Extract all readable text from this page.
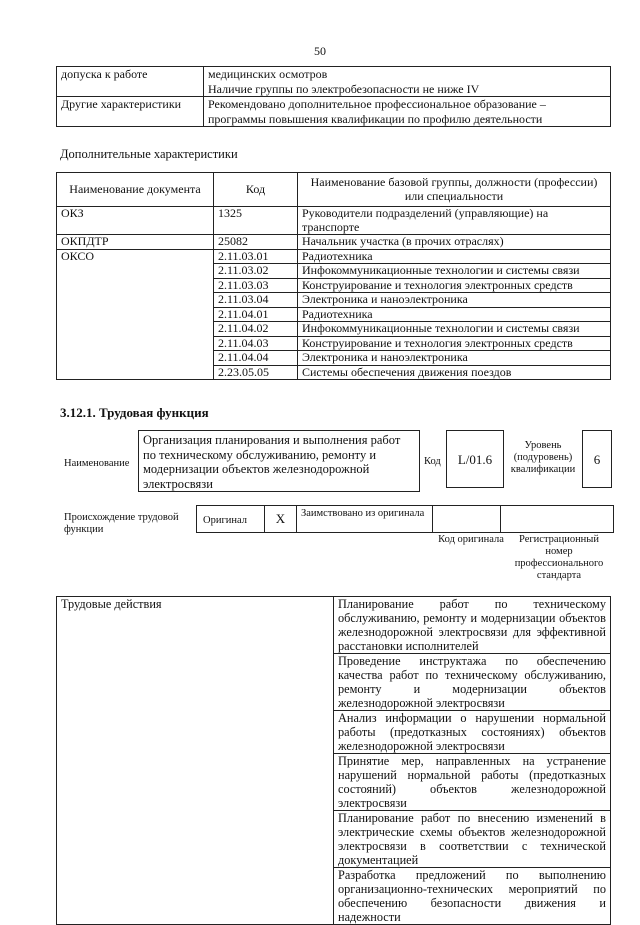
50
допуска к работе	медицинских осмотров
Наличие группы по электробезопасности не ниже IV

Другие характеристики	Рекомендовано дополнительное профессиональное образование –
программы повышения квалификации по профилю деятельности
Дополнительные характеристики
Наименование документа	Код	Наименование базовой группы, должности (профессии) или специальности
ОКЗ	1325	Руководители подразделений (управляющие) на транспорте
ОКПДТР	25082	Начальник участка (в прочих отраслях)
ОКСО	2.11.03.01	Радиотехника
	2.11.03.02	Инфокоммуникационные технологии и системы связи
	2.11.03.03	Конструирование и технология электронных средств
	2.11.03.04	Электроника и наноэлектроника
	2.11.04.01	Радиотехника
	2.11.04.02	Инфокоммуникационные технологии и системы связи
	2.11.04.03	Конструирование и технология электронных средств
	2.11.04.04	Электроника и наноэлектроника
	2.23.05.05	Системы обеспечения движения поездов
3.12.1. Трудовая функция
Наименование
Организация планирования и выполнения работ по техническому обслуживанию, ремонту и модернизации объектов железнодорожной электросвязи
Код	L/01.6
Уровень (подуровень) квалификации
6
Происхождение трудовой функции
Оригинал	X	Заимствовано из оригинала
Код оригинала	Регистрационный номер профессионального стандарта
Трудовые действия	Планирование работ по техническому обслуживанию, ремонту и модернизации объектов железнодорожной электросвязи для эффективной расстановки исполнителей
Проведение инструктажа по обеспечению качества работ по техническому обслуживанию, ремонту и модернизации объектов железнодорожной электросвязи
Анализ информации о нарушении нормальной работы (предотказных состояниях) объектов железнодорожной электросвязи
Принятие мер, направленных на устранение нарушений нормальной работы (предотказных состояний) объектов железнодорожной электросвязи
Планирование работ по внесению изменений в электрические схемы объектов железнодорожной электросвязи в соответствии с технической документацией
Разработка предложений по выполнению организационно-технических мероприятий по обеспечению безопасности движения и надежности
